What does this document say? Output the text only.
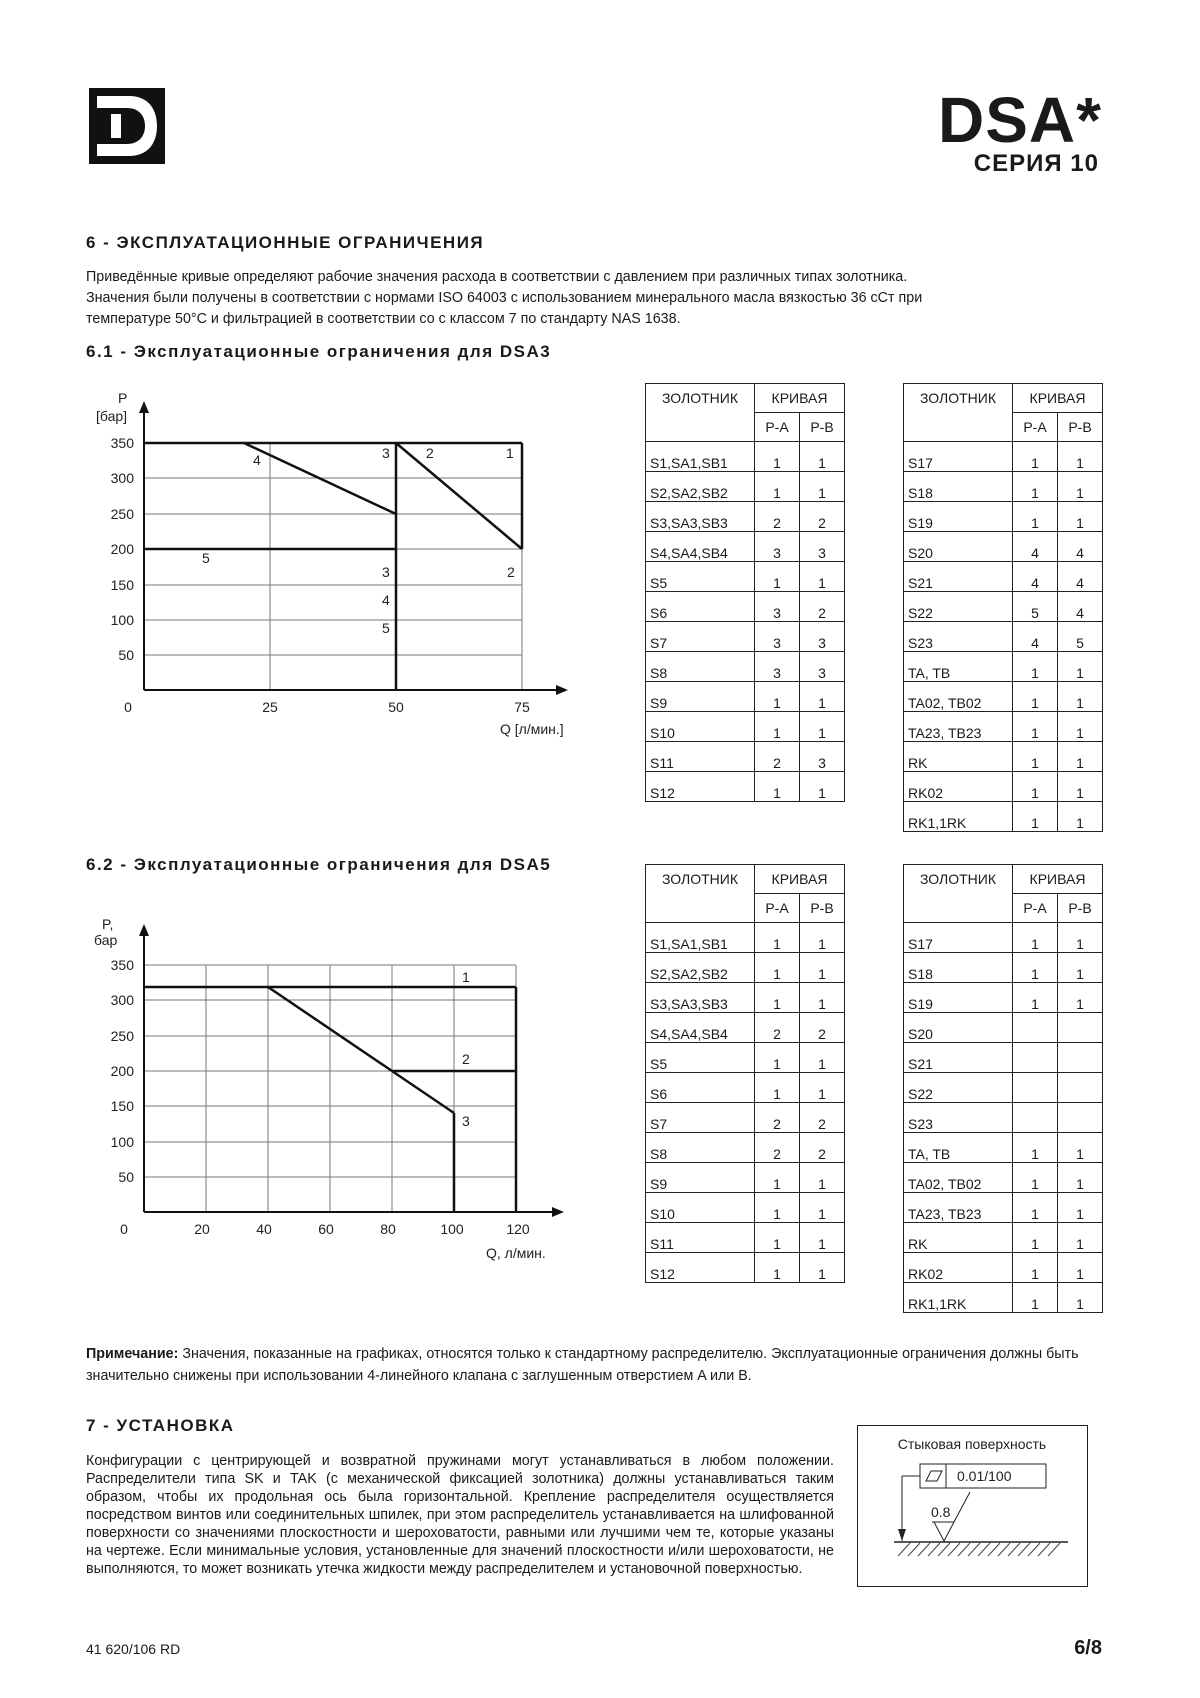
DSA*
СЕРИЯ 10
6 - ЭКСПЛУАТАЦИОННЫЕ ОГРАНИЧЕНИЯ

Приведённые кривые определяют рабочие значения расхода в соответствии с давлением при различных типах золотника.

Значения были получены в соответствии с нормами ISO 64003 с использованием минерального масла вязкостью 36 сСт при

температуре 50°C и фильтрацией в соответствии со с классом 7 по стандарту NAS 1638.

6.1 - Эксплуатационные ограничения для DSA3
P
[бар]
350
300
250
200
150
100
50
0	25	50	75
Q [л/мин.]
4	3	2	1
5
3	2
4
5
ЗОЛОТНИК	КРИВАЯ	
	P-A	P-B
S1,SA1,SB1	1	1
S2,SA2,SB2	1	1
S3,SA3,SB3	2	2
S4,SA4,SB4	3	3
S5	1	1
S6	3	2
S7	3	3
S8	3	3
S9	1	1
S10	1	1
S11	2	3
S12	1	1
ЗОЛОТНИК	КРИВАЯ	
	P-A	P-B
S17	1	1
S18	1	1
S19	1	1
S20	4	4
S21	4	4
S22	5	4
S23	4	5
TA, TB	1	1
TA02, TB02	1	1
TA23, TB23	1	1
RK	1	1
RK02	1	1
RK1,1RK	1	1
6.2 - Эксплуатационные ограничения для DSA5
P,
бар
350
300
250
200
150
100
50
0	20	40	60	80	100	120
Q, л/мин.
1
2
3
ЗОЛОТНИК	КРИВАЯ	
	P-A	P-B
S1,SA1,SB1	1	1
S2,SA2,SB2	1	1
S3,SA3,SB3	1	1
S4,SA4,SB4	2	2
S5	1	1
S6	1	1
S7	2	2
S8	2	2
S9	1	1
S10	1	1
S11	1	1
S12	1	1
ЗОЛОТНИК	КРИВАЯ	
	P-A	P-B
S17	1	1
S18	1	1
S19	1	1
S20		
S21		
S22		
S23		
TA, TB	1	1
TA02, TB02	1	1
TA23, TB23	1	1
RK	1	1
RK02	1	1
RK1,1RK	1	1
Примечание: Значения, показанные на графиках, относятся только к стандартному распределителю. Эксплуатационные ограничения должны быть значительно снижены при использовании 4-линейного клапана с заглушенным отверстием A или B.
7 - УСТАНОВКА
Конфигурации с центрирующей и возвратной пружинами могут устанавливаться в любом положении. Распределители типа SK и TAK (с механической фиксацией золотника) должны устанавливаться таким образом, чтобы их продольная ось была горизонтальной. Крепление распределителя осуществляется посредством винтов или соединительных шпилек, при этом распределитель устанавливается на шлифованной поверхности со значениями плоскостности и шероховатости, равными или лучшими чем те, которые указаны на чертеже. Если минимальные условия, установленные для значений плоскостности и/или шероховатости, не выполняются, то может возникать утечка жидкости между распределителем и установочной поверхностью.
Стыковая поверхность
0.01/100
0.8
41 620/106 RD	6/8
